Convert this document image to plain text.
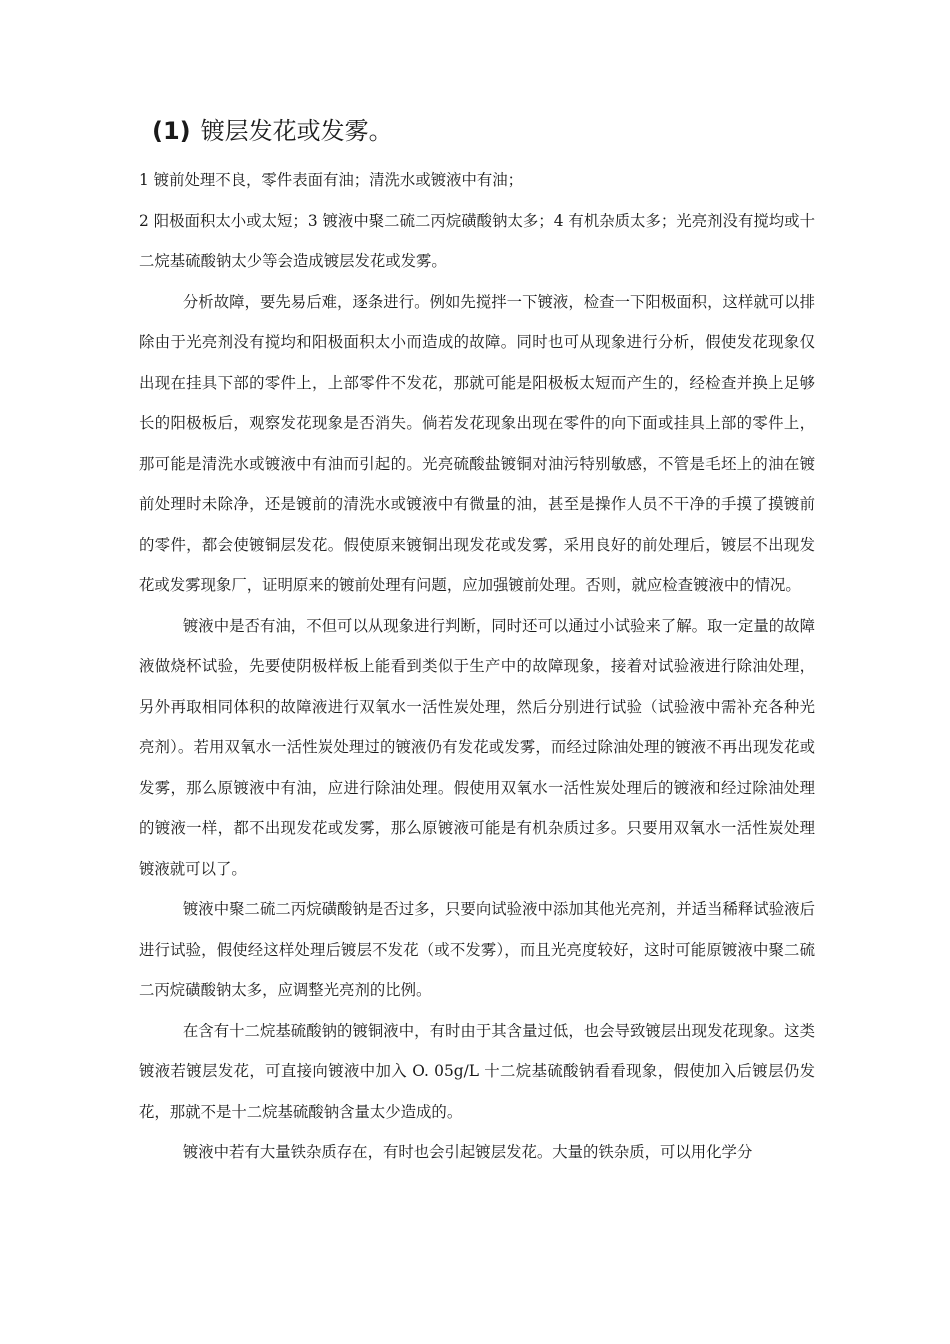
(1) 镀层发花或发雾。

1 镀前处理不良，零件表面有油；清洗水或镀液中有油；

2 阳极面积太小或太短；3 镀液中聚二硫二丙烷磺酸钠太多；4 有机杂质太多；光亮剂没有搅均或十二烷基硫酸钠太少等会造成镀层发花或发雾。

分析故障，要先易后难，逐条进行。例如先搅拌一下镀液，检查一下阳极面积，这样就可以排除由于光亮剂没有搅均和阳极面积太小而造成的故障。同时也可从现象进行分析，假使发花现象仅出现在挂具下部的零件上，上部零件不发花，那就可能是阳极板太短而产生的，经检查并换上足够长的阳极板后，观察发花现象是否消失。倘若发花现象出现在零件的向下面或挂具上部的零件上，那可能是清洗水或镀液中有油而引起的。光亮硫酸盐镀铜对油污特别敏感，不管是毛坯上的油在镀前处理时未除净，还是镀前的清洗水或镀液中有微量的油，甚至是操作人员不干净的手摸了摸镀前的零件，都会使镀铜层发花。假使原来镀铜出现发花或发雾，采用良好的前处理后，镀层不出现发花或发雾现象厂，证明原来的镀前处理有问题，应加强镀前处理。否则，就应检查镀液中的情况。

镀液中是否有油，不但可以从现象进行判断，同时还可以通过小试验来了解。取一定量的故障液做烧杯试验，先要使阴极样板上能看到类似于生产中的故障现象，接着对试验液进行除油处理，另外再取相同体积的故障液进行双氧水一活性炭处理，然后分别进行试验（试验液中需补充各种光亮剂）。若用双氧水一活性炭处理过的镀液仍有发花或发雾，而经过除油处理的镀液不再出现发花或发雾，那么原镀液中有油，应进行除油处理。假使用双氧水一活性炭处理后的镀液和经过除油处理的镀液一样，都不出现发花或发雾，那么原镀液可能是有机杂质过多。只要用双氧水一活性炭处理镀液就可以了。

镀液中聚二硫二丙烷磺酸钠是否过多，只要向试验液中添加其他光亮剂，并适当稀释试验液后进行试验，假使经这样处理后镀层不发花（或不发雾），而且光亮度较好，这时可能原镀液中聚二硫二丙烷磺酸钠太多，应调整光亮剂的比例。

在含有十二烷基硫酸钠的镀铜液中，有时由于其含量过低，也会导致镀层出现发花现象。这类镀液若镀层发花，可直接向镀液中加入 O. 05g/L 十二烷基硫酸钠看看现象，假使加入后镀层仍发花，那就不是十二烷基硫酸钠含量太少造成的。

镀液中若有大量铁杂质存在，有时也会引起镀层发花。大量的铁杂质，可以用化学分
